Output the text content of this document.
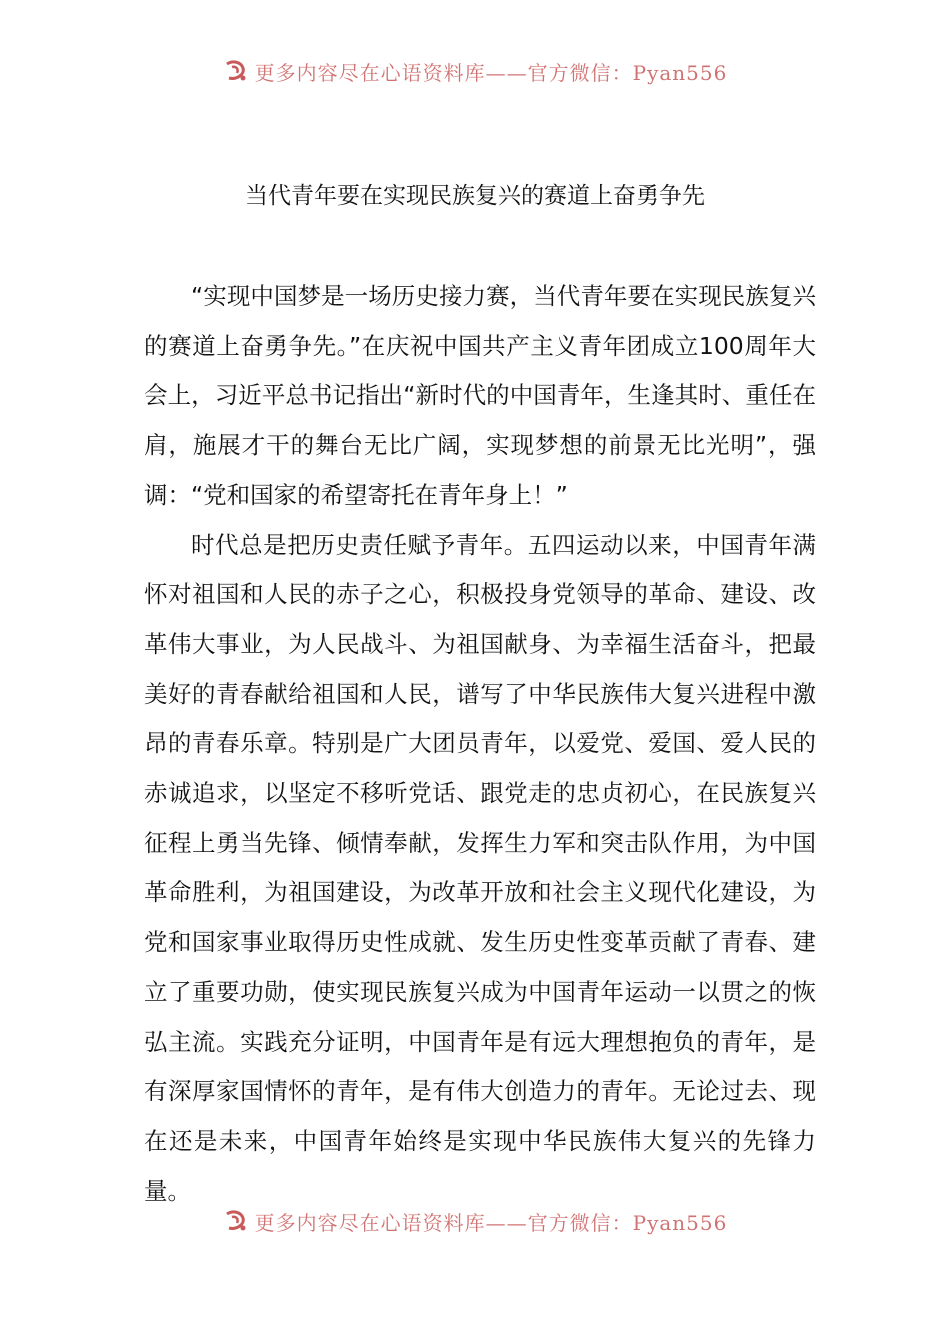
更多内容尽在心语资料库——官方微信：Pyan556
当代青年要在实现民族复兴的赛道上奋勇争先

“实现中国梦是一场历史接力赛，当代青年要在实现民族复兴的赛道上奋勇争先。”在庆祝中国共产主义青年团成立100周年大会上，习近平总书记指出“新时代的中国青年，生逢其时、重任在肩，施展才干的舞台无比广阔，实现梦想的前景无比光明”，强调：“党和国家的希望寄托在青年身上！”

时代总是把历史责任赋予青年。五四运动以来，中国青年满怀对祖国和人民的赤子之心，积极投身党领导的革命、建设、改革伟大事业，为人民战斗、为祖国献身、为幸福生活奋斗，把最美好的青春献给祖国和人民，谱写了中华民族伟大复兴进程中激昂的青春乐章。特别是广大团员青年，以爱党、爱国、爱人民的赤诚追求，以坚定不移听党话、跟党走的忠贞初心，在民族复兴征程上勇当先锋、倾情奉献，发挥生力军和突击队作用，为中国革命胜利，为祖国建设，为改革开放和社会主义现代化建设，为党和国家事业取得历史性成就、发生历史性变革贡献了青春、建立了重要功勋，使实现民族复兴成为中国青年运动一以贯之的恢弘主流。实践充分证明，中国青年是有远大理想抱负的青年，是有深厚家国情怀的青年，是有伟大创造力的青年。无论过去、现在还是未来，中国青年始终是实现中华民族伟大复兴的先锋力量。

更多内容尽在心语资料库——官方微信：Pyan556
